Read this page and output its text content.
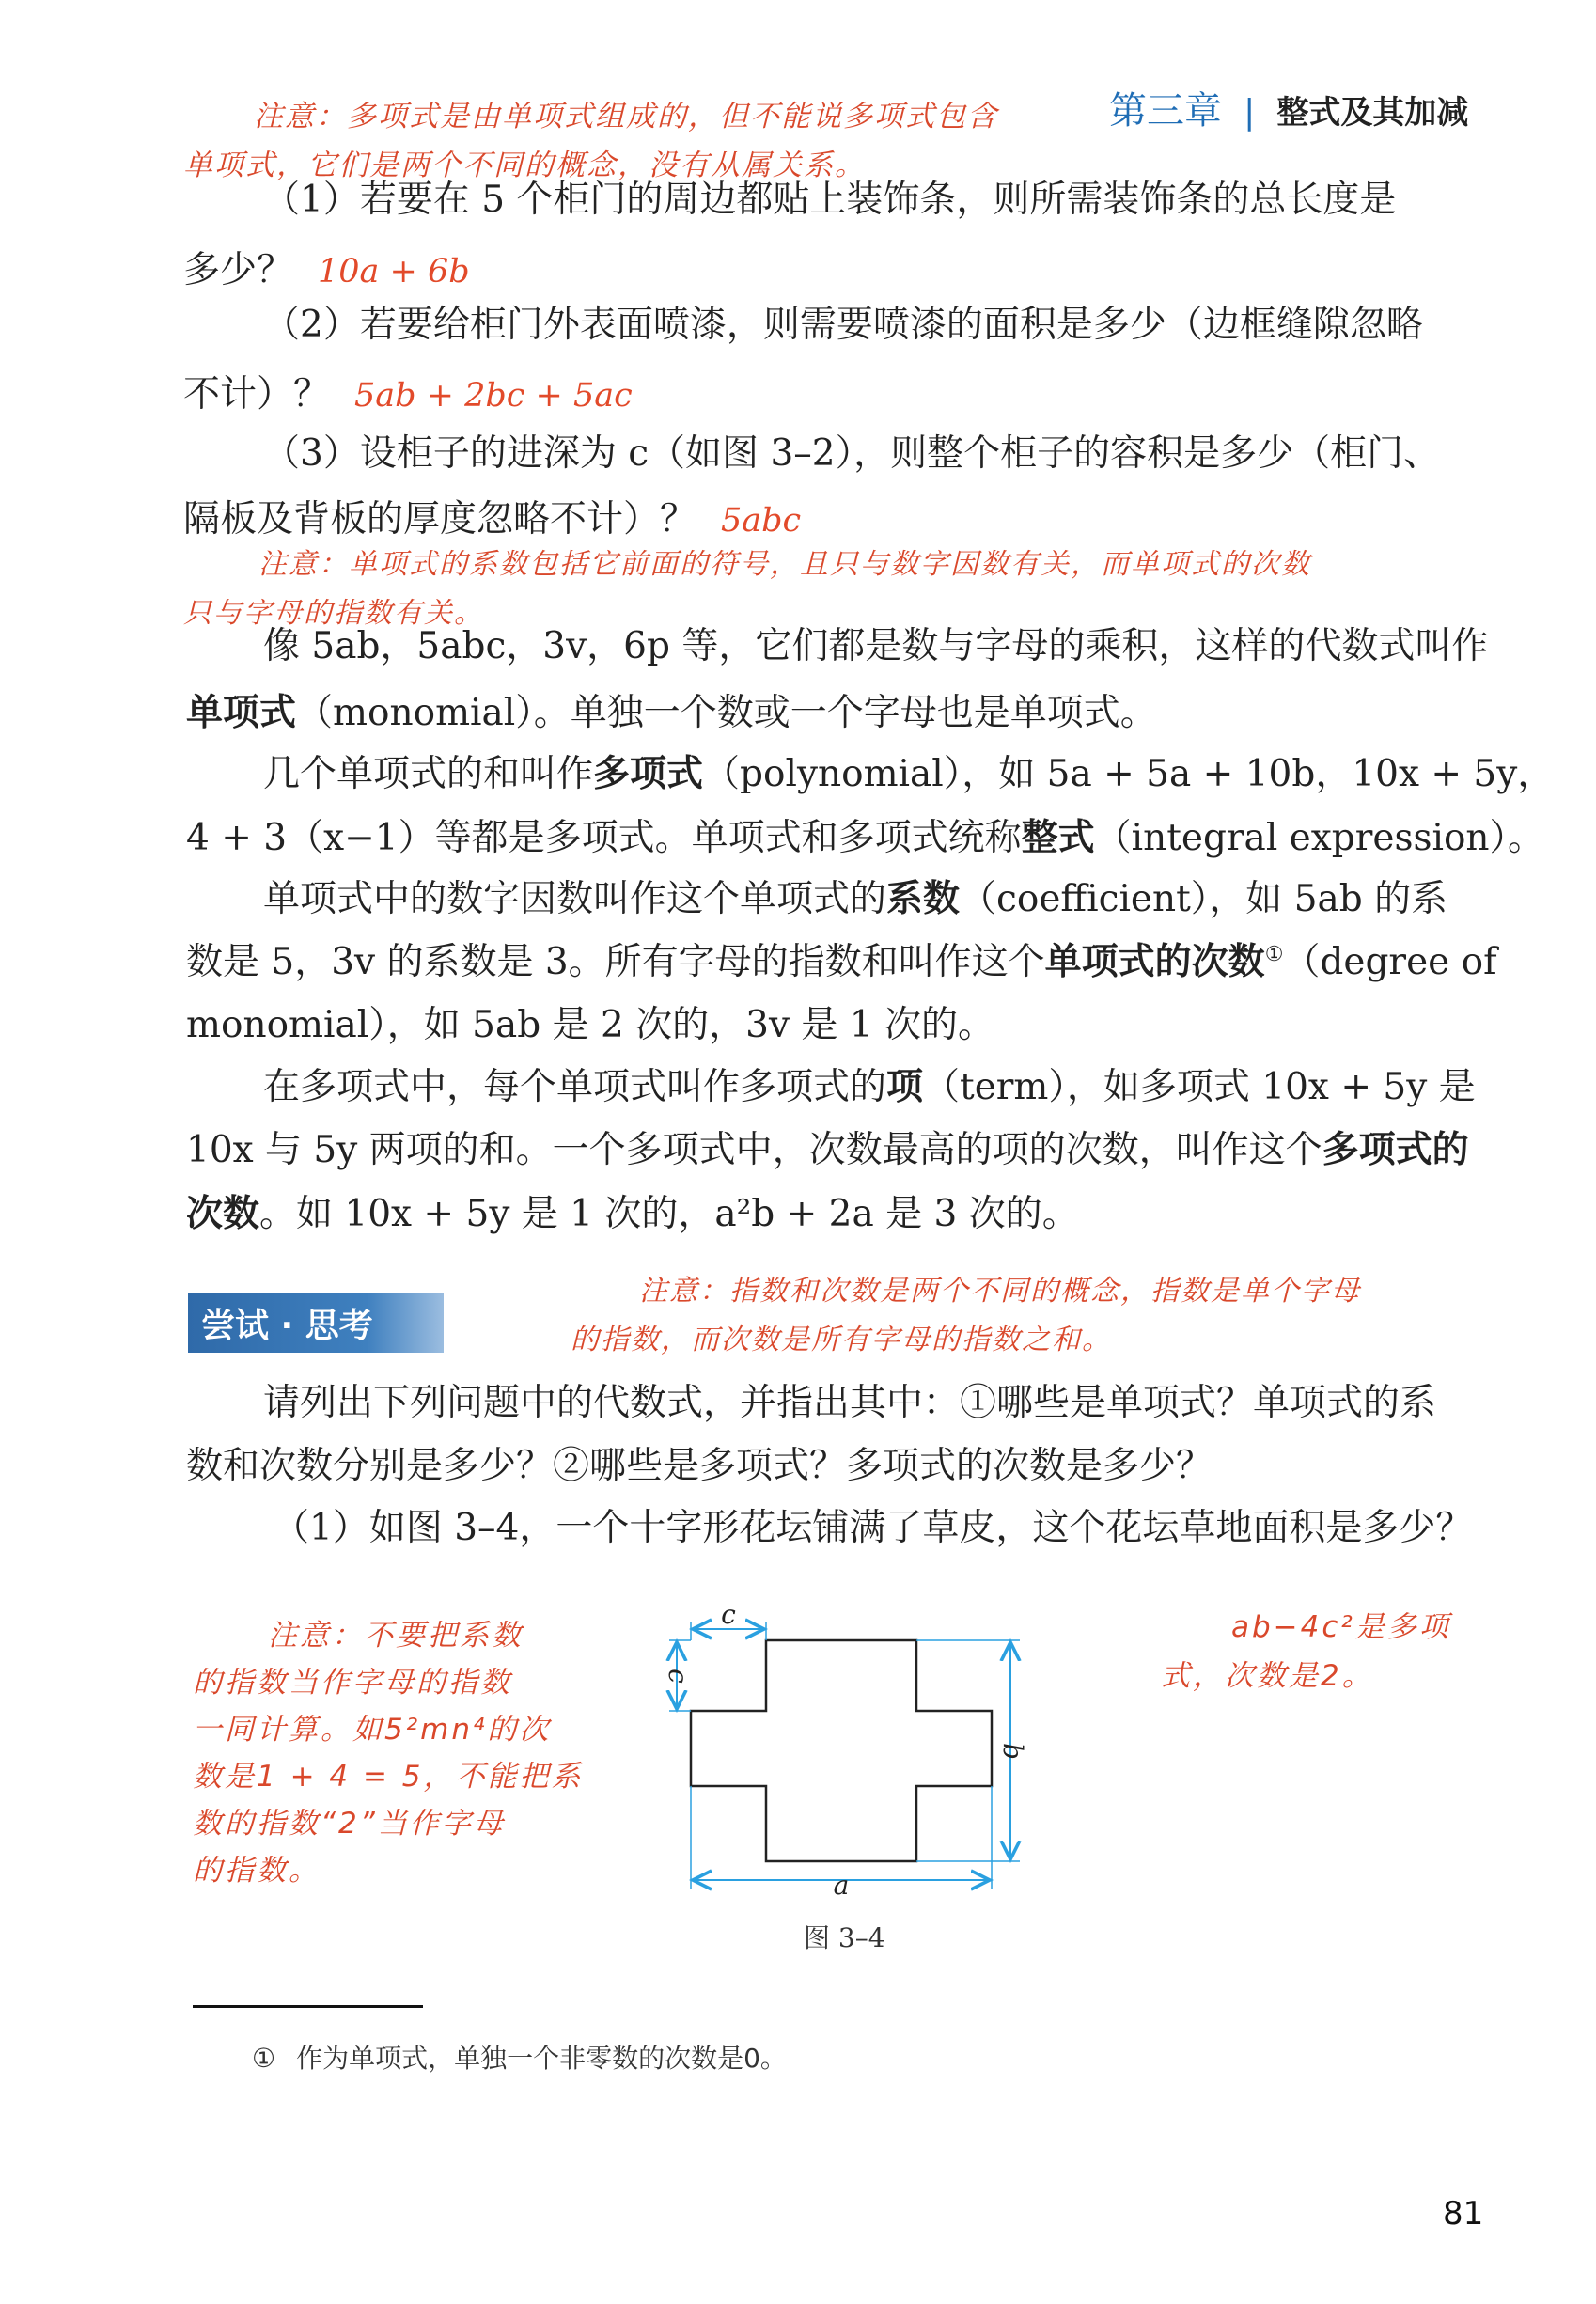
第三章 | 整式及其加减
注意：多项式是由单项式组成的，但不能说多项式包含
单项式，它们是两个不同的概念，没有从属关系。
（1）若要在 5 个柜门的周边都贴上装饰条，则所需装饰条的总长度是
多少？ 10a + 6b
（2）若要给柜门外表面喷漆，则需要喷漆的面积是多少（边框缝隙忽略
不计）？ 5ab + 2bc + 5ac
（3）设柜子的进深为 c（如图 3–2），则整个柜子的容积是多少（柜门、
隔板及背板的厚度忽略不计）？ 5abc
注意：单项式的系数包括它前面的符号，且只与数字因数有关，而单项式的次数
只与字母的指数有关。
像 5ab，5abc，3v，6p 等，它们都是数与字母的乘积，这样的代数式叫作
单项式（monomial）。单独一个数或一个字母也是单项式。
几个单项式的和叫作多项式（polynomial），如 5a + 5a + 10b，10x + 5y，
4 + 3（x−1）等都是多项式。单项式和多项式统称整式（integral expression）。
单项式中的数字因数叫作这个单项式的系数（coefficient），如 5ab 的系
数是 5，3v 的系数是 3。所有字母的指数和叫作这个单项式的次数①（degree of
monomial），如 5ab 是 2 次的，3v 是 1 次的。
在多项式中，每个单项式叫作多项式的项（term），如多项式 10x + 5y 是
10x 与 5y 两项的和。一个多项式中，次数最高的项的次数，叫作这个多项式的
次数。如 10x + 5y 是 1 次的，a²b + 2a 是 3 次的。
尝试 · 思考
注意：指数和次数是两个不同的概念，指数是单个字母
的指数，而次数是所有字母的指数之和。
请列出下列问题中的代数式，并指出其中：①哪些是单项式？单项式的系
数和次数分别是多少？②哪些是多项式？多项式的次数是多少？
（1）如图 3–4，一个十字形花坛铺满了草皮，这个花坛草地面积是多少？
注意：不要把系数
的指数当作字母的指数
一同计算。如5²mn⁴的次
数是1 + 4 = 5，不能把系
数的指数“2”当作字母
的指数。
ab−4c²是多项
式，次数是2。
c
c
b
a
图 3–4
① 作为单项式，单独一个非零数的次数是0。
81
